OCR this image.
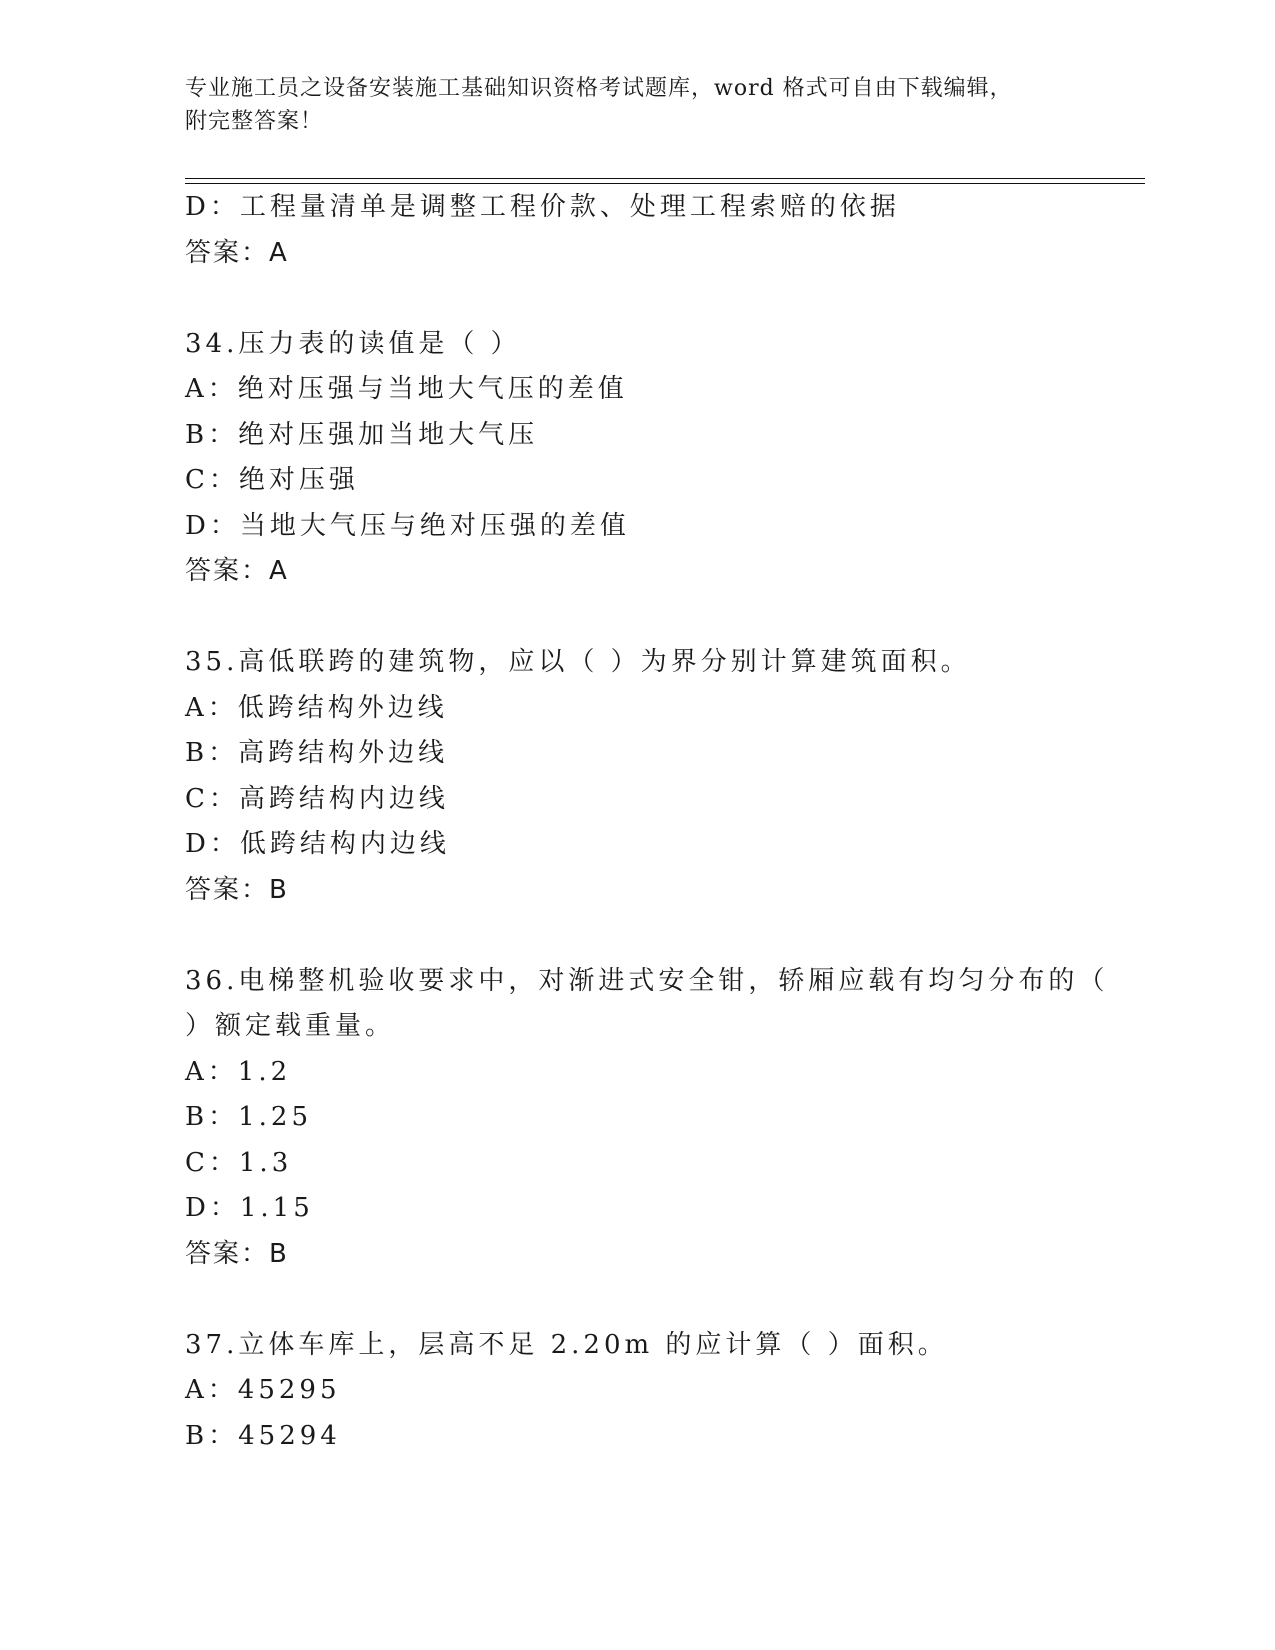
专业施工员之设备安装施工基础知识资格考试题库，word 格式可自由下载编辑，
附完整答案！
D：工程量清单是调整工程价款、处理工程索赔的依据
答案：A
34.压力表的读值是（ ）
A：绝对压强与当地大气压的差值
B：绝对压强加当地大气压
C：绝对压强
D：当地大气压与绝对压强的差值
答案：A
35.高低联跨的建筑物，应以（ ）为界分别计算建筑面积。
A：低跨结构外边线
B：高跨结构外边线
C：高跨结构内边线
D：低跨结构内边线
答案：B
36.电梯整机验收要求中，对渐进式安全钳，轿厢应载有均匀分布的（
）额定载重量。
A：1.2
B：1.25
C：1.3
D：1.15
答案：B
37.立体车库上，层高不足 2.20m 的应计算（ ）面积。
A：45295
B：45294
